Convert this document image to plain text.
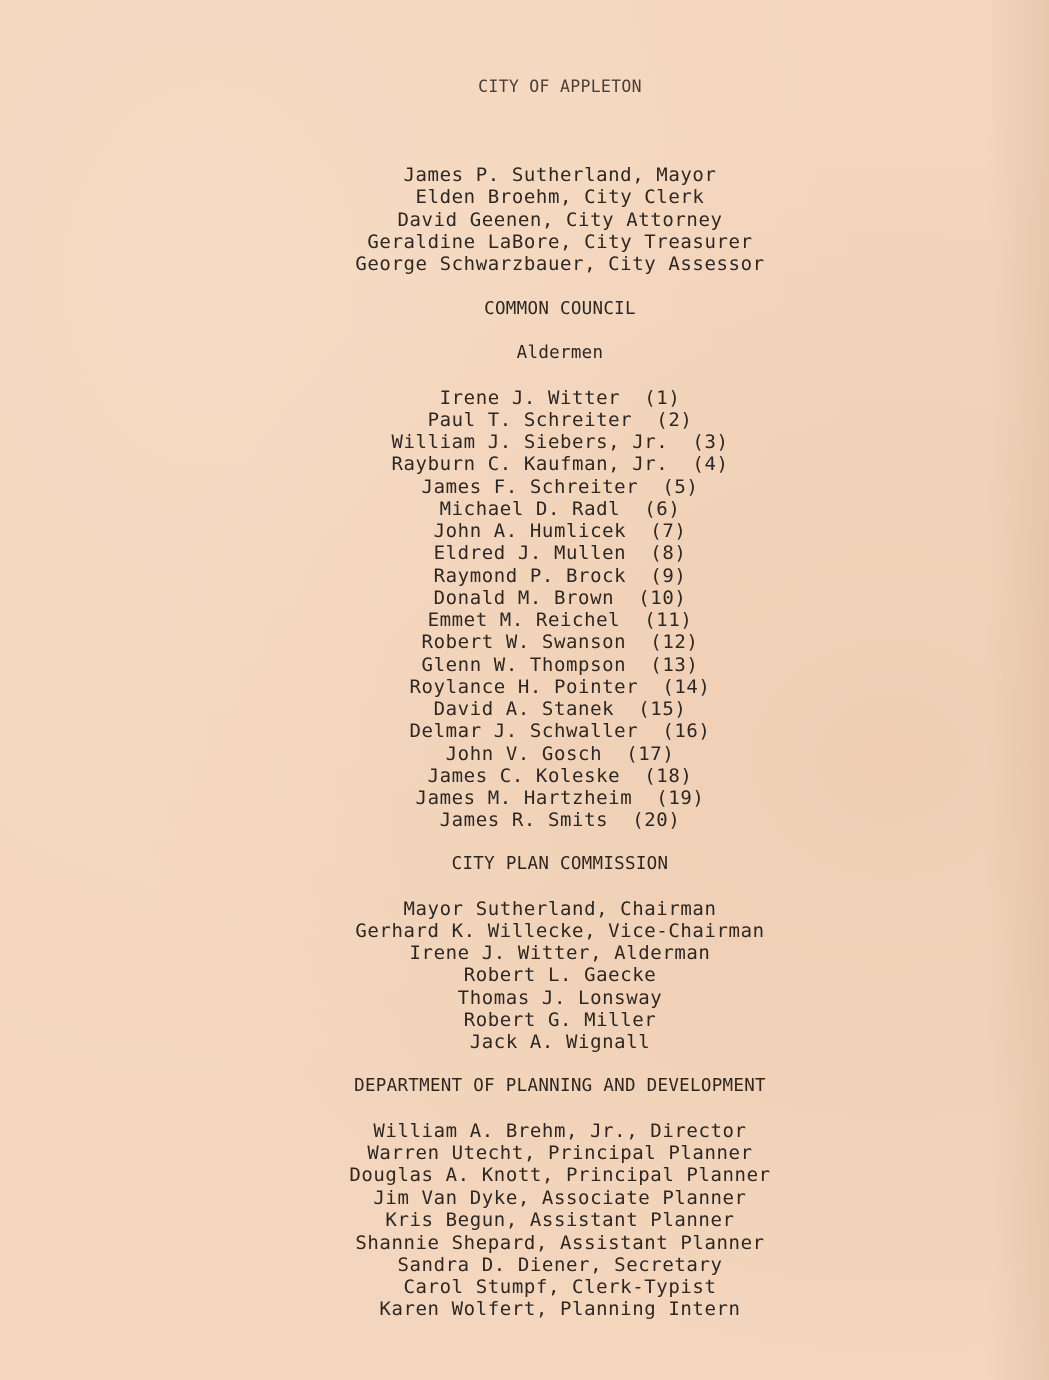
CITY OF APPLETON
James P. Sutherland, Mayor
Elden Broehm, City Clerk
David Geenen, City Attorney
Geraldine LaBore, City Treasurer
George Schwarzbauer, City Assessor
COMMON COUNCIL
Aldermen
Irene J. Witter  (1)
Paul T. Schreiter  (2)
William J. Siebers, Jr.  (3)
Rayburn C. Kaufman, Jr.  (4)
James F. Schreiter  (5)
Michael D. Radl  (6)
John A. Humlicek  (7)
Eldred J. Mullen  (8)
Raymond P. Brock  (9)
Donald M. Brown  (10)
Emmet M. Reichel  (11)
Robert W. Swanson  (12)
Glenn W. Thompson  (13)
Roylance H. Pointer  (14)
David A. Stanek  (15)
Delmar J. Schwaller  (16)
John V. Gosch  (17)
James C. Koleske  (18)
James M. Hartzheim  (19)
James R. Smits  (20)
CITY PLAN COMMISSION
Mayor Sutherland, Chairman
Gerhard K. Willecke, Vice-Chairman
Irene J. Witter, Alderman
Robert L. Gaecke
Thomas J. Lonsway
Robert G. Miller
Jack A. Wignall
DEPARTMENT OF PLANNING AND DEVELOPMENT
William A. Brehm, Jr., Director
Warren Utecht, Principal Planner
Douglas A. Knott, Principal Planner
Jim Van Dyke, Associate Planner
Kris Begun, Assistant Planner
Shannie Shepard, Assistant Planner
Sandra D. Diener, Secretary
Carol Stumpf, Clerk-Typist
Karen Wolfert, Planning Intern
